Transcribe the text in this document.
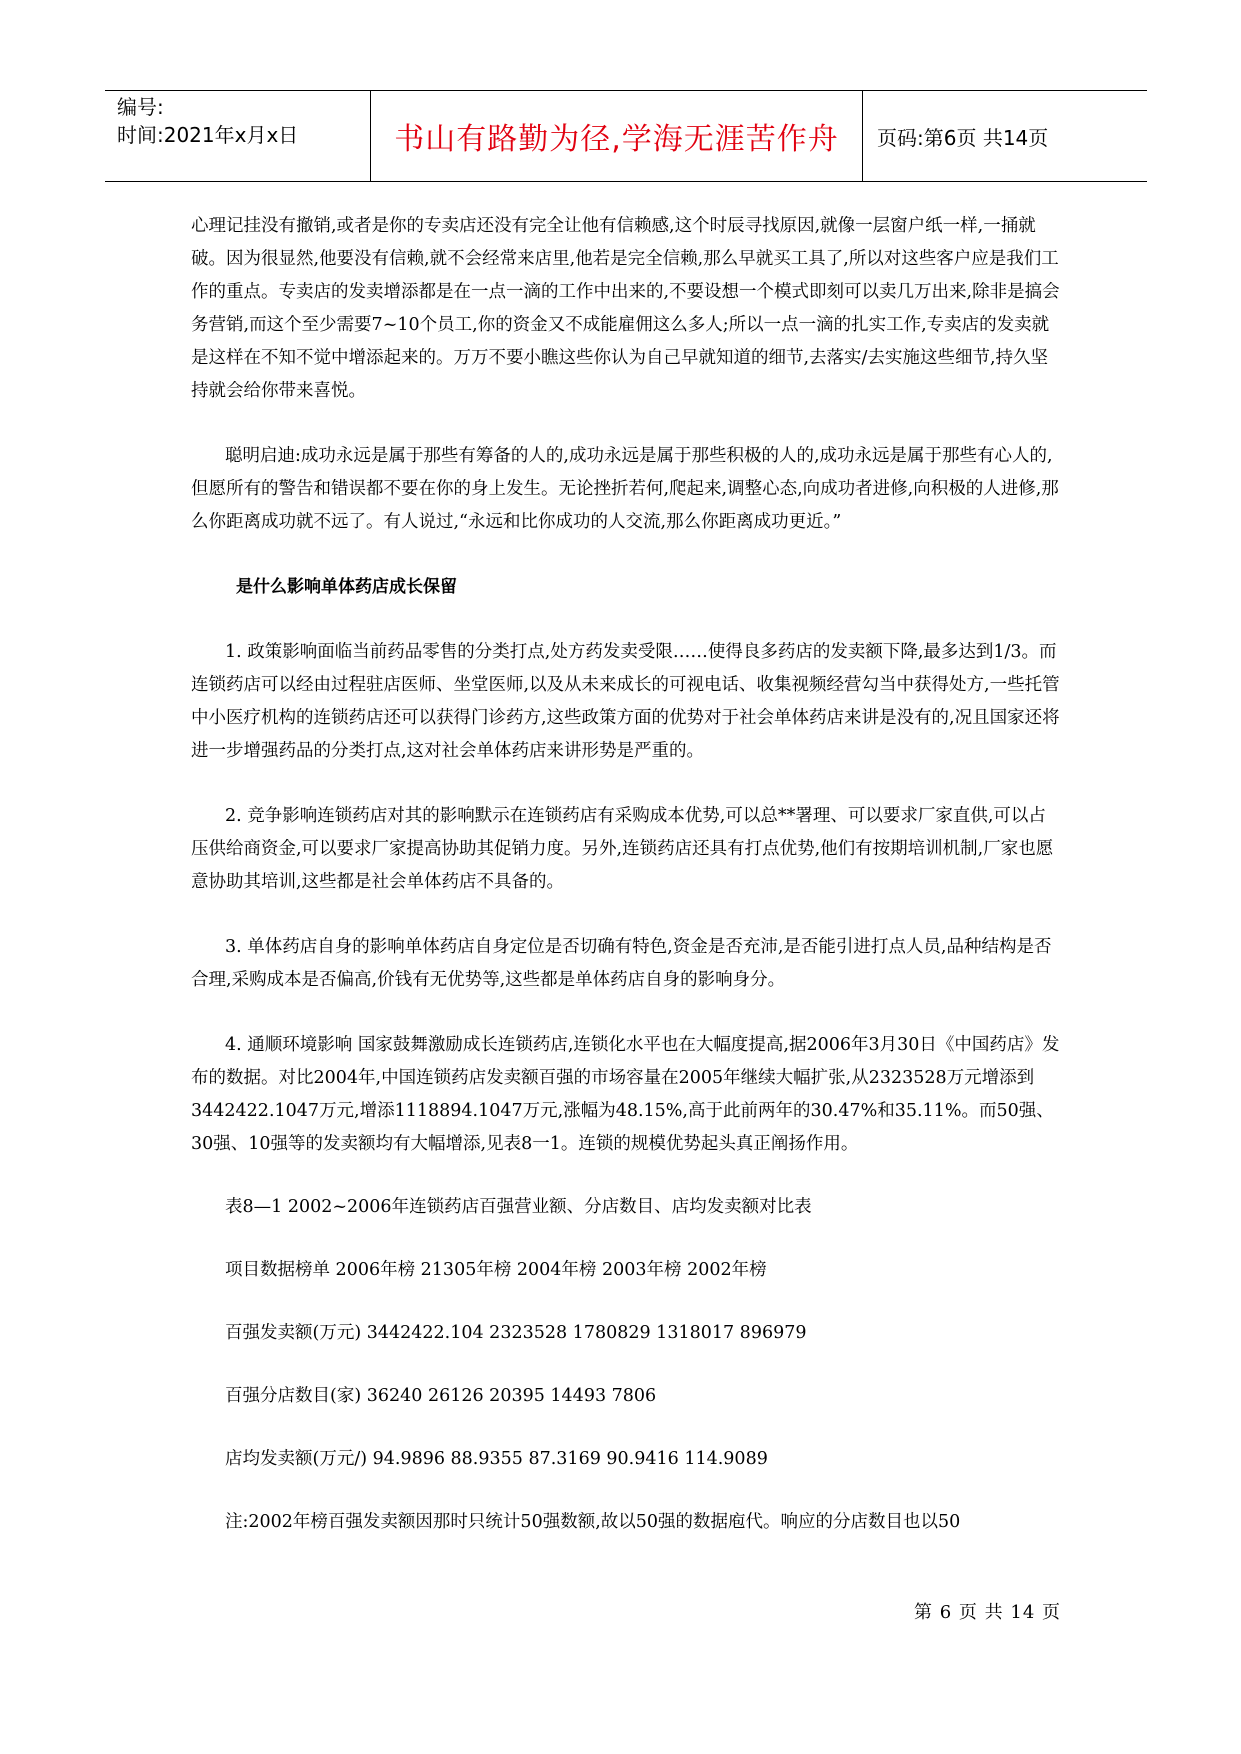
编号:
时间:2021年x月x日	书山有路勤为径,学海无涯苦作舟	页码:第6页 共14页

心理记挂没有撤销,或者是你的专卖店还没有完全让他有信赖感,这个时辰寻找原因,就像一层窗户纸一样,一捅就破。因为很显然,他要没有信赖,就不会经常来店里,他若是完全信赖,那么早就买工具了,所以对这些客户应是我们工作的重点。专卖店的发卖增添都是在一点一滴的工作中出来的,不要设想一个模式即刻可以卖几万出来,除非是搞会务营销,而这个至少需要7~10个员工,你的资金又不成能雇佣这么多人;所以一点一滴的扎实工作,专卖店的发卖就是这样在不知不觉中增添起来的。万万不要小瞧这些你认为自己早就知道的细节,去落实/去实施这些细节,持久坚持就会给你带来喜悦。

聪明启迪:成功永远是属于那些有筹备的人的,成功永远是属于那些积极的人的,成功永远是属于那些有心人的,但愿所有的警告和错误都不要在你的身上发生。无论挫折若何,爬起来,调整心态,向成功者进修,向积极的人进修,那么你距离成功就不远了。有人说过,“永远和比你成功的人交流,那么你距离成功更近。”

是什么影响单体药店成长保留

1. 政策影响面临当前药品零售的分类打点,处方药发卖受限……使得良多药店的发卖额下降,最多达到1/3。而连锁药店可以经由过程驻店医师、坐堂医师,以及从未来成长的可视电话、收集视频经营勾当中获得处方,一些托管中小医疗机构的连锁药店还可以获得门诊药方,这些政策方面的优势对于社会单体药店来讲是没有的,况且国家还将进一步增强药品的分类打点,这对社会单体药店来讲形势是严重的。

2. 竞争影响连锁药店对其的影响默示在连锁药店有采购成本优势,可以总**署理、可以要求厂家直供,可以占压供给商资金,可以要求厂家提高协助其促销力度。另外,连锁药店还具有打点优势,他们有按期培训机制,厂家也愿意协助其培训,这些都是社会单体药店不具备的。

3. 单体药店自身的影响单体药店自身定位是否切确有特色,资金是否充沛,是否能引进打点人员,品种结构是否合理,采购成本是否偏高,价钱有无优势等,这些都是单体药店自身的影响身分。

4. 通顺环境影响 国家鼓舞激励成长连锁药店,连锁化水平也在大幅度提高,据2006年3月30日《中国药店》发布的数据。对比2004年,中国连锁药店发卖额百强的市场容量在2005年继续大幅扩张,从2323528万元增添到3442422.1047万元,增添1118894.1047万元,涨幅为48.15%,高于此前两年的30.47%和35.11%。而50强、30强、10强等的发卖额均有大幅增添,见表8一1。连锁的规模优势起头真正阐扬作用。

表8—1 2002~2006年连锁药店百强营业额、分店数目、店均发卖额对比表

项目数据榜单 2006年榜 21305年榜 2004年榜 2003年榜 2002年榜

百强发卖额(万元) 3442422.104 2323528 1780829 1318017 896979

百强分店数目(家) 36240 26126 20395 14493 7806

店均发卖额(万元/) 94.9896 88.9355 87.3169 90.9416 114.9089

注:2002年榜百强发卖额因那时只统计50强数额,故以50强的数据庖代。响应的分店数目也以50

第 6 页 共 14 页
